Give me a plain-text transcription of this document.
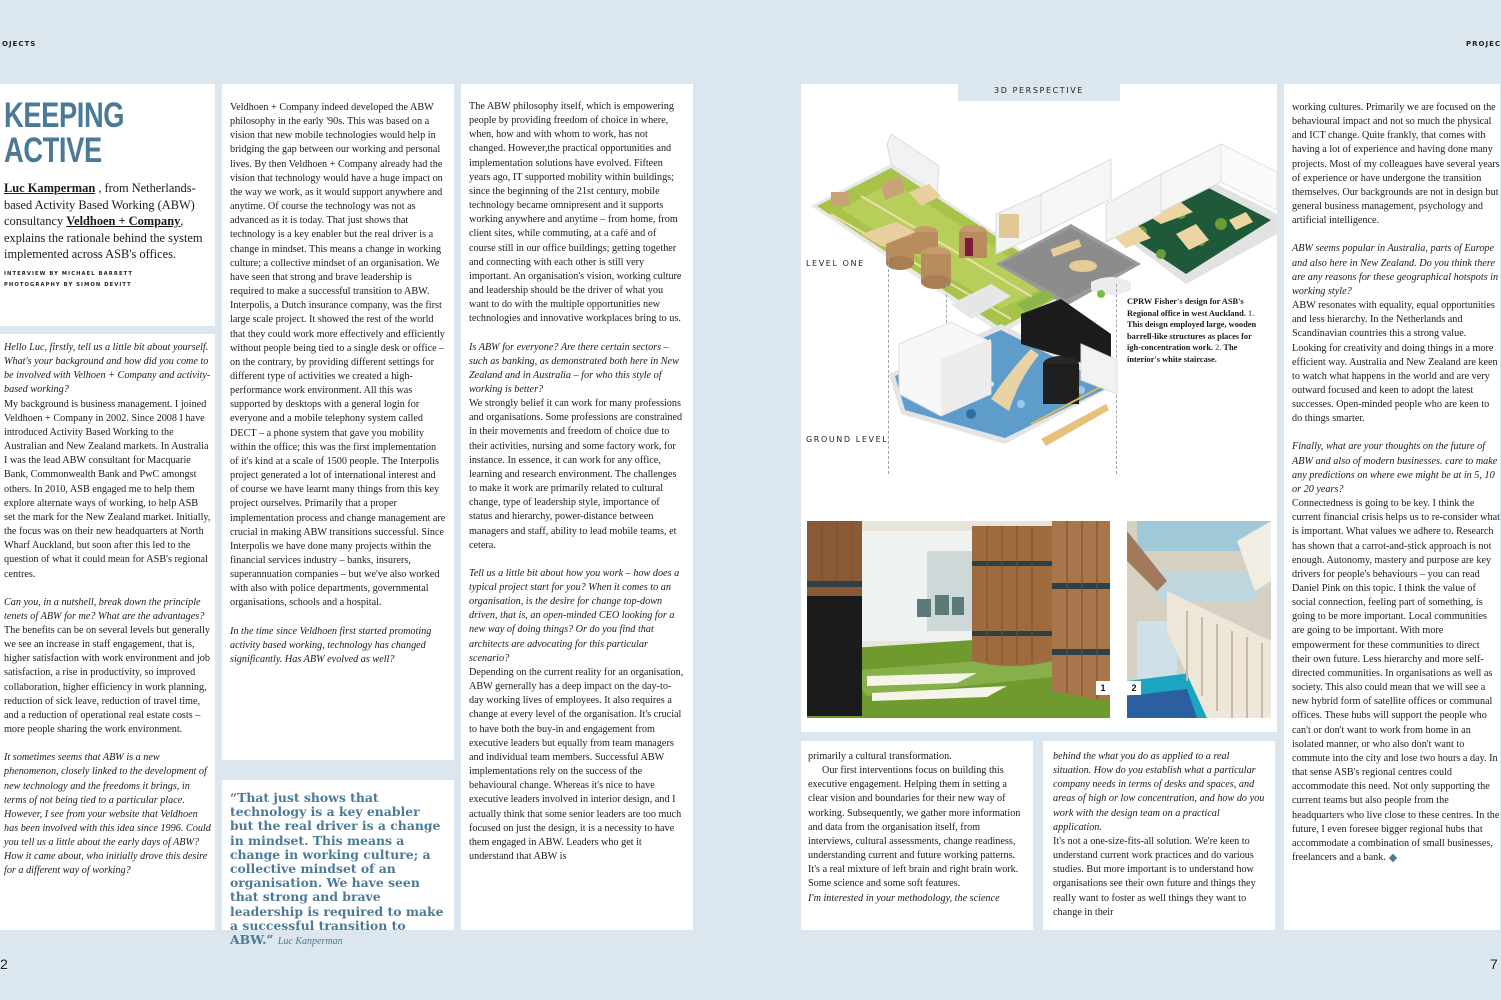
OJECTS	PROJEC
2	7
KEEPING
ACTIVE
Luc Kamperman , from Netherlands-based Activity Based Working (ABW) consultancy Veldhoen + Company, explains the rationale behind the system implemented across ASB's offices.
INTERVIEW BY MICHAEL BARRETT
PHOTOGRAPHY BY SIMON DEVITT

Hello Luc, firstly, tell us a little bit about yourself. What's your background and how did you come to be involved with Velhoen + Company and activity-based working?

My background is business management. I joined Veldhoen + Company in 2002. Since 2008 I have introduced Activity Based Working to the Australian and New Zealand markets. In Australia I was the lead ABW consultant for Macquarie Bank, Commonwealth Bank and PwC amongst others. In 2010, ASB engaged me to help them explore alternate ways of working, to help ASB set the mark for the New Zealand market. Initially, the focus was on their new headquarters at North Wharf Auckland, but soon after this led to the question of what it could mean for ASB's regional centres.

Can you, in a nutshell, break down the principle tenets of ABW for me? What are the advantages?

The benefits can be on several levels but generally we see an increase in staff engagement, that is, higher satisfaction with work environment and job satisfaction, a rise in productivity, so improved collaboration, higher efficiency in work planning, reduction of sick leave, reduction of travel time, and a reduction of operational real estate costs – more people sharing the work environment.

It sometimes seems that ABW is a new phenomenon, closely linked to the development of new technology and the freedoms it brings, in terms of not being tied to a particular place. However, I see from your website that Veldhoen has been involved with this idea since 1996. Could you tell us a little about the early days of ABW? How it came about, who initially drove this desire for a different way of working?

Veldhoen + Company indeed developed the ABW philosophy in the early '90s. This was based on a vision that new mobile technologies would help in bridging the gap between our working and personal lives. By then Veldhoen + Company already had the vision that technology would have a huge impact on the way we work, as it would support anywhere and anytime. Of course the technology was not as advanced as it is today. That just shows that technology is a key enabler but the real driver is a change in mindset. This means a change in working culture; a collective mindset of an organisation. We have seen that strong and brave leadership is required to make a successful transition to ABW. Interpolis, a Dutch insurance company, was the first large scale project. It showed the rest of the world that they could work more effectively and efficiently without people being tied to a single desk or office – on the contrary, by providing different settings for different type of activities we created a high-performance work environment. All this was supported by desktops with a general login for everyone and a mobile telephony system called DECT – a phone system that gave you mobility within the office; this was the first implementation of it's kind at a scale of 1500 people. The Interpolis project generated a lot of international interest and of course we have learnt many things from this key project ourselves. Primarily that a proper implementation process and change management are crucial in making ABW transitions successful. Since Interpolis we have done many projects within the financial services industry – banks, insurers, superannuation companies – but we've also worked with also with police departments, governmental organisations, schools and a hospital.

In the time since Veldhoen first started promoting activity based working, technology has changed significantly. Has ABW evolved as well?

“That just shows that technology is a key enabler but the real driver is a change in mindset. This means a change in working culture; a collective mindset of an organisation. We have seen that strong and brave leadership is required to make a successful transition to ABW.” Luc Kanperman

The ABW philosophy itself, which is empowering people by providing freedom of choice in where, when, how and with whom to work, has not changed. However,the practical opportunities and implementation solutions have evolved. Fifteen years ago, IT supported mobility within buildings; since the beginning of the 21st century, mobile technology became omnipresent and it supports working anywhere and anytime – from home, from client sites, while commuting, at a café and of course still in our office buildings; getting together and connecting with each other is still very important. An organisation's vision, working culture and leadership should be the driver of what you want to do with the multiple opportunities new technologies and innovative workplaces bring to us.

Is ABW for everyone? Are there certain sectors – such as banking, as demonstrated both here in New Zealand and in Australia – for who this style of working is better?

We strongly belief it can work for many professions and organisations. Some professions are constrained in their movements and freedom of choice due to their activities, nursing and some factory work, for instance. In essence, it can work for any office, learning and research environment. The challenges to make it work are primarily related to cultural change, type of leadership style, importance of status and hierarchy, power-distance between managers and staff, ability to lead mobile teams, et cetera.

Tell us a little bit about how you work – how does a typical project start for you? When it comes to an organisation, is the desire for change top-down driven, that is, an open-minded CEO looking for a new way of doing things? Or do you find that architects are advocating for this particular scenario?

Depending on the current reality for an organisation, ABW gernerally has a deep impact on the day-to-day working lives of employees. It also requires a change at every level of the organisation. It's crucial to have both the buy-in and engagement from executive leaders but equally from team managers and individual team members. Successful ABW implementations rely on the success of the behavioural change. Whereas it's nice to have executive leaders involved in interior design, and I actually think that some senior leaders are too much focused on just the design, it is a necessity to have them engaged in ABW. Leaders who get it understand that ABW is

3D PERSPECTIVE
LEVEL ONE
GROUND LEVEL
CPRW Fisher's design for ASB's Regional office in west Auckland. 1. This deisgn employed large, wooden barrell-like structures as places for igh-concentration work. 2. The interior's white staircase.
1	2

primarily a cultural transformation.

Our first interventions focus on building this executive engagement. Helping them in setting a clear vision and boundaries for their new way of working. Subsequently, we gather more information and data from the organisation itself, from interviews, cultural assessments, change readiness, understanding current and future working patterns. It's a real mixture of left brain and right brain work. Some science and some soft features.

I'm interested in your methodology, the science

behind the what you do as applied to a real situation. How do you establish what a particular company needs in terms of desks and spaces, and areas of high or low concentration, and how do you work with the design team on a practical application.

It's not a one-size-fits-all solution. We're keen to understand current work practices and do various studies. But more important is to understand how organisations see their own future and things they really want to foster as well things they want to change in their

working cultures. Primarily we are focused on the behavioural impact and not so much the physical and ICT change. Quite frankly, that comes with having a lot of experience and having done many projects. Most of my colleagues have several years of experience or have undergone the transition themselves. Our backgrounds are not in design but general business management, psychology and artificial intelligence.

ABW seems popular in Australia, parts of Europe and also here in New Zealand. Do you think there are any reasons for these geographical hotspots in working style?

ABW resonates with equality, equal opportunities and less hierarchy. In the Netherlands and Scandinavian countries this a strong value. Looking for creativity and doing things in a more efficient way. Australia and New Zealand are keen to watch what happens in the world and are very outward focused and keen to adopt the latest successes. Open-minded people who are keen to do things smarter.

Finally, what are your thoughts on the future of ABW and also of modern businesses. care to make any predictions on where ewe might be at in 5, 10 or 20 years?

Connectedness is going to be key. I think the current financial crisis helps us to re-consider what is important. What values we adhere to. Research has shown that a carrot-and-stick approach is not enough. Autonomy, mastery and purpose are key drivers for people's behaviours – you can read Daniel Pink on this topic. I think the value of social connection, feeling part of something, is going to be more important. Local communities are going to be important. With more empowerment for these communities to direct their own future. Less hierarchy and more self-directed communities. In organisations as well as society. This also could mean that we will see a new hybrid form of satellite offices or communal offices. These hubs will support the people who can't or don't want to work from home in an isolated manner, or who also don't want to commute into the city and lose two hours a day. In that sense ASB's regional centres could accommodate this need. Not only supporting the current teams but also people from the headquarters who live close to these centres. In the future, I even foresee bigger regional hubs that accommodate a combination of small businesses, freelancers and a bank.
